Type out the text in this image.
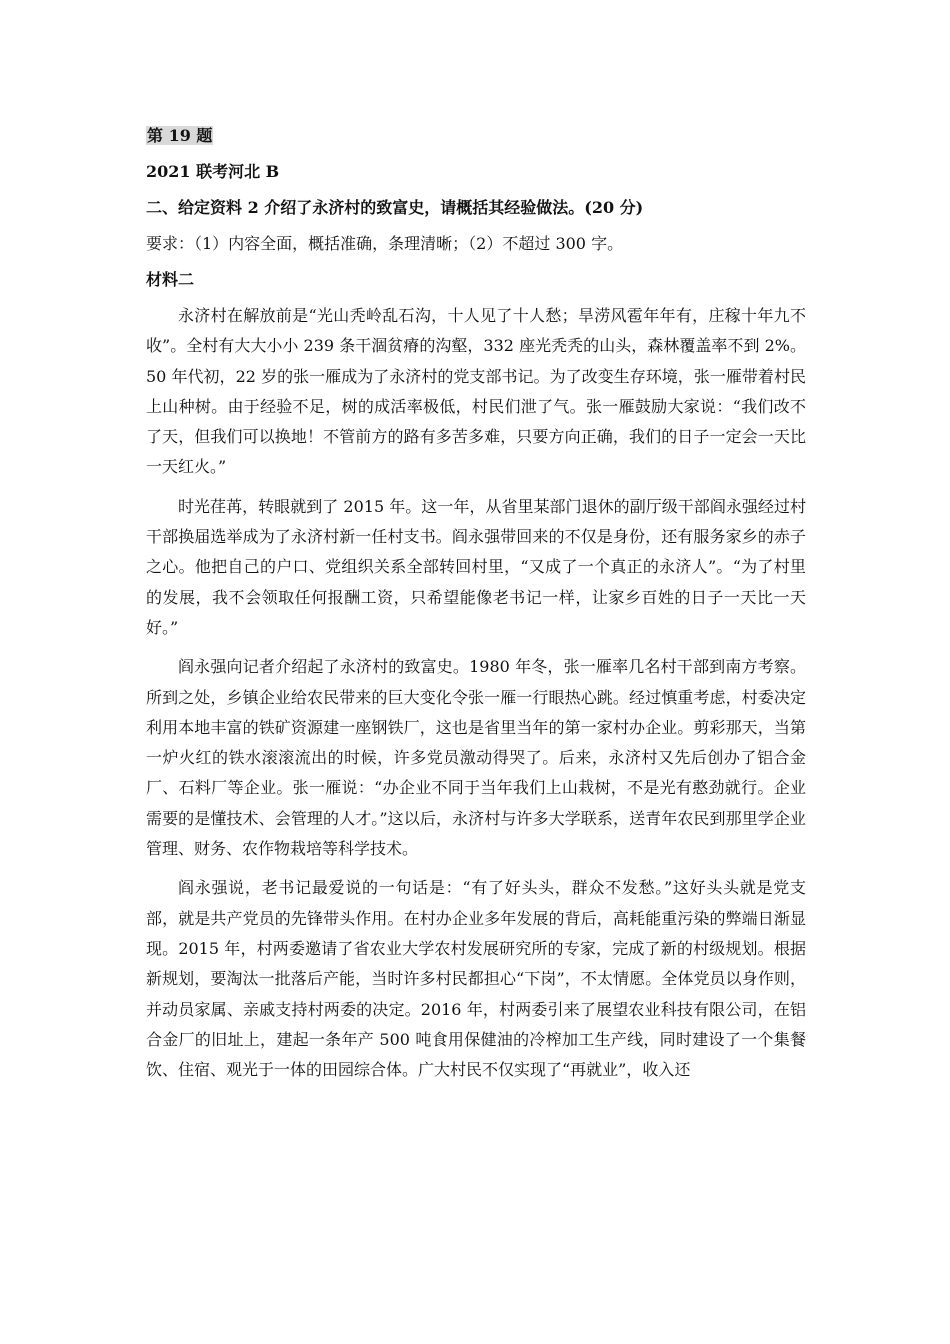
第 19 题
2021 联考河北 B
二、给定资料 2 介绍了永济村的致富史，请概括其经验做法。(20 分)
要求：（1）内容全面，概括准确，条理清晰；（2）不超过 300 字。
材料二

永济村在解放前是“光山秃岭乱石沟，十人见了十人愁；旱涝风雹年年有，庄稼十年九不收”。全村有大大小小 239 条干涸贫瘠的沟壑，332 座光秃秃的山头，森林覆盖率不到 2%。50 年代初，22 岁的张一雁成为了永济村的党支部书记。为了改变生存环境，张一雁带着村民上山种树。由于经验不足，树的成活率极低，村民们泄了气。张一雁鼓励大家说：“我们改不了天，但我们可以换地！不管前方的路有多苦多难，只要方向正确，我们的日子一定会一天比一天红火。”

时光荏苒，转眼就到了 2015 年。这一年，从省里某部门退休的副厅级干部阎永强经过村干部换届选举成为了永济村新一任村支书。阎永强带回来的不仅是身份，还有服务家乡的赤子之心。他把自己的户口、党组织关系全部转回村里，“又成了一个真正的永济人”。“为了村里的发展，我不会领取任何报酬工资，只希望能像老书记一样，让家乡百姓的日子一天比一天好。”

阎永强向记者介绍起了永济村的致富史。1980 年冬，张一雁率几名村干部到南方考察。所到之处，乡镇企业给农民带来的巨大变化令张一雁一行眼热心跳。经过慎重考虑，村委决定利用本地丰富的铁矿资源建一座钢铁厂，这也是省里当年的第一家村办企业。剪彩那天，当第一炉火红的铁水滚滚流出的时候，许多党员激动得哭了。后来，永济村又先后创办了铝合金厂、石料厂等企业。张一雁说：“办企业不同于当年我们上山栽树，不是光有憨劲就行。企业需要的是懂技术、会管理的人才。”这以后，永济村与许多大学联系，送青年农民到那里学企业管理、财务、农作物栽培等科学技术。

阎永强说，老书记最爱说的一句话是：“有了好头头，群众不发愁。”这好头头就是党支部，就是共产党员的先锋带头作用。在村办企业多年发展的背后，高耗能重污染的弊端日渐显现。2015 年，村两委邀请了省农业大学农村发展研究所的专家，完成了新的村级规划。根据新规划，要淘汰一批落后产能，当时许多村民都担心“下岗”，不太情愿。全体党员以身作则，并动员家属、亲戚支持村两委的决定。2016 年，村两委引来了展望农业科技有限公司，在铝合金厂的旧址上，建起一条年产 500 吨食用保健油的冷榨加工生产线，同时建设了一个集餐饮、住宿、观光于一体的田园综合体。广大村民不仅实现了“再就业”，收入还
